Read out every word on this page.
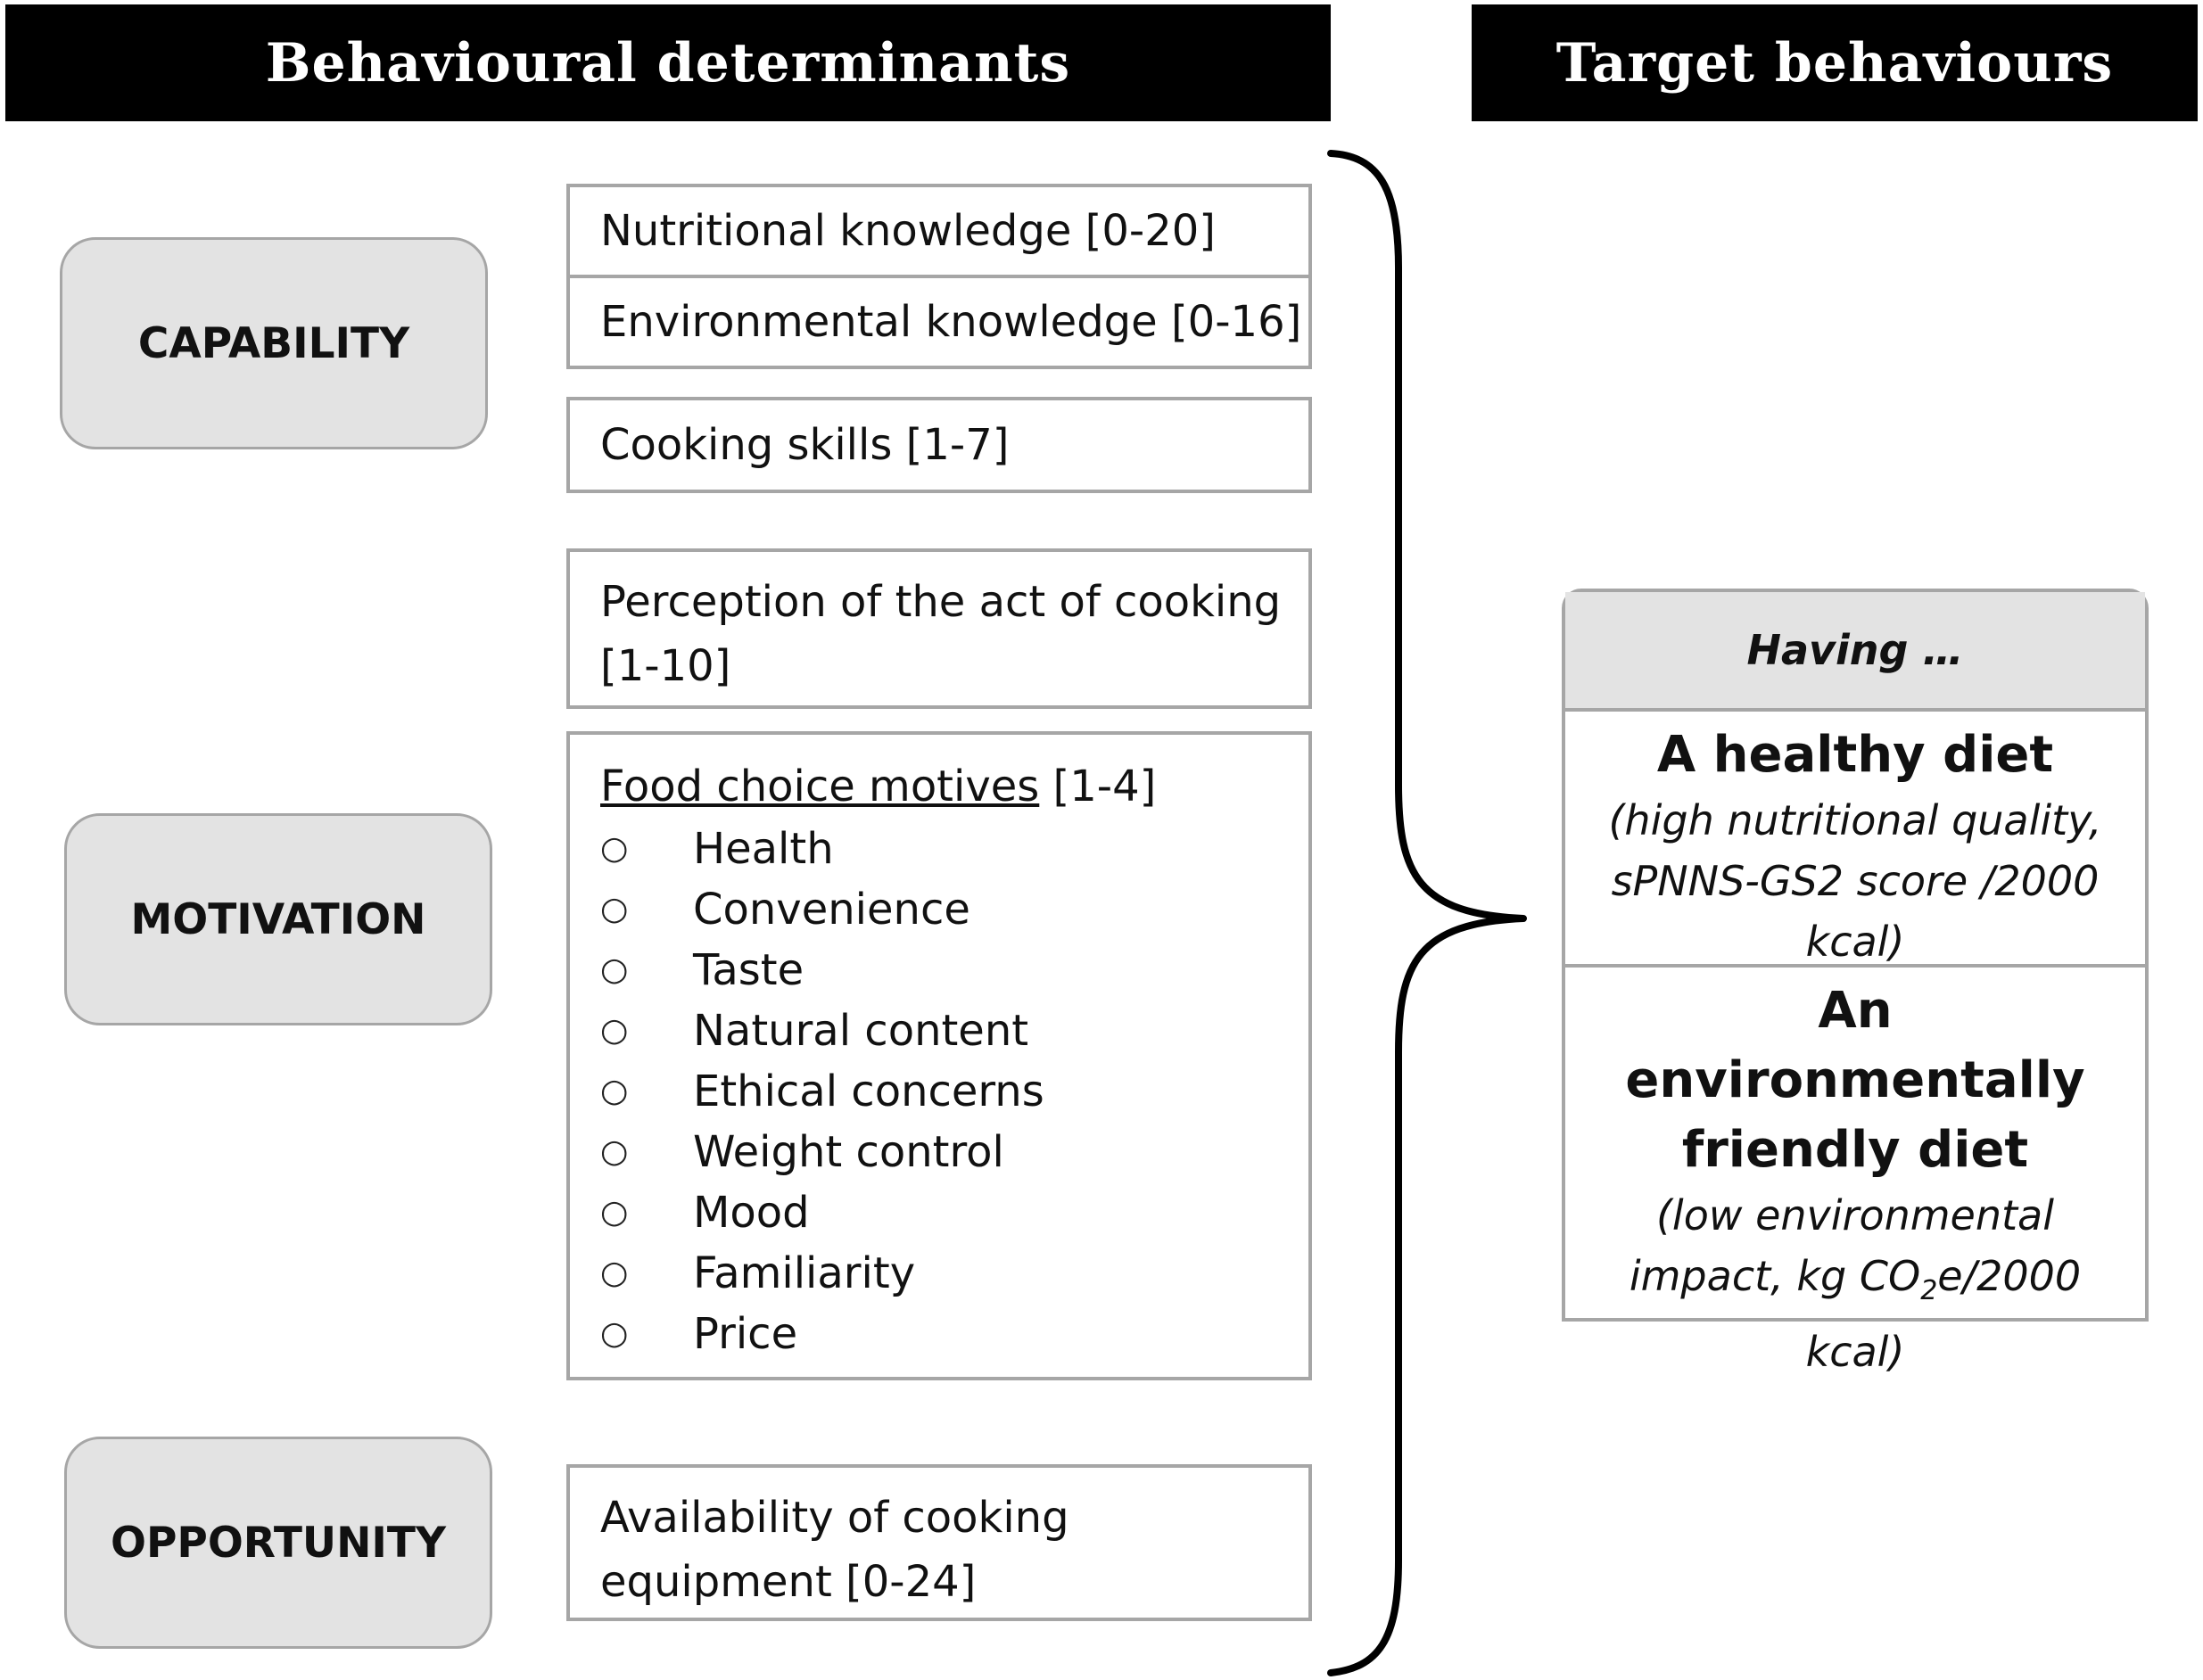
Behavioural determinants	Target behaviours
CAPABILITY
MOTIVATION
OPPORTUNITY
Nutritional knowledge [0-20]
Environmental knowledge [0-16]
Cooking skills [1-7]
Perception of the act of cooking
[1-10]
Food choice motives [1-4]
○	Health
○	Convenience
○	Taste
○	Natural content
○	Ethical concerns
○	Weight control
○	Mood
○	Familiarity
○	Price
Availability of cooking
equipment [0-24]
Having …
A healthy diet
(high nutritional quality,
sPNNS-GS2 score /2000
kcal)
An environmentally
friendly diet
(low environmental
impact, kg $CO_2e/2000$
kcal)
